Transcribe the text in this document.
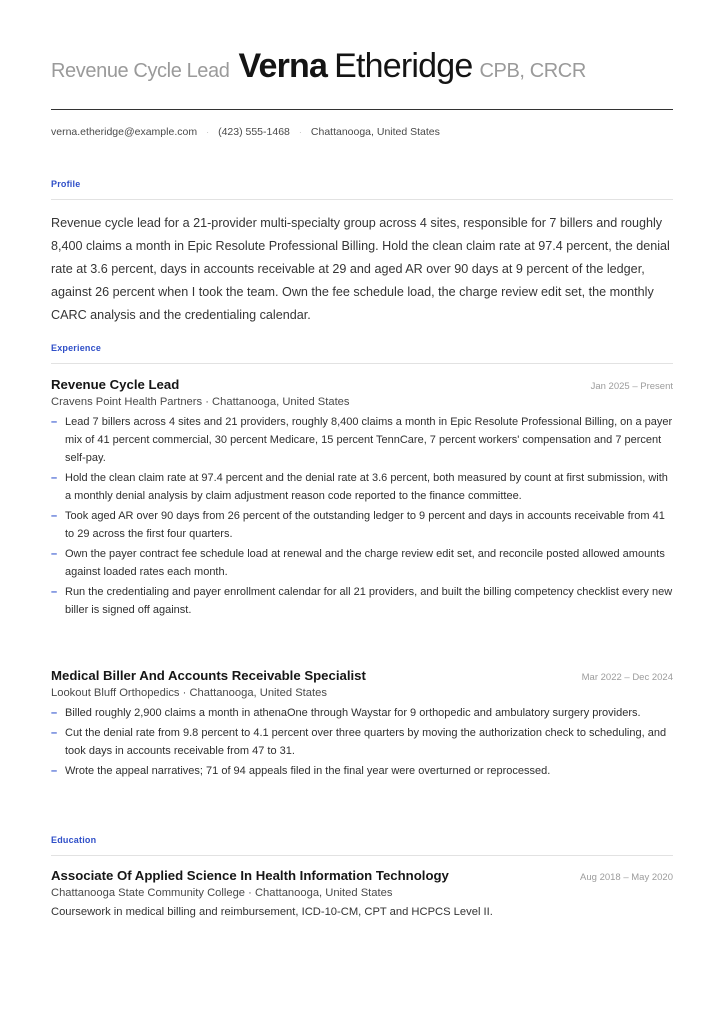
Revenue Cycle Lead Verna Etheridge CPB, CRCR
verna.etheridge@example.com · (423) 555-1468 · Chattanooga, United States
Profile
Revenue cycle lead for a 21-provider multi-specialty group across 4 sites, responsible for 7 billers and roughly 8,400 claims a month in Epic Resolute Professional Billing. Hold the clean claim rate at 97.4 percent, the denial rate at 3.6 percent, days in accounts receivable at 29 and aged AR over 90 days at 9 percent of the ledger, against 26 percent when I took the team. Own the fee schedule load, the charge review edit set, the monthly CARC analysis and the credentialing calendar.
Experience
Revenue Cycle Lead	Jan 2025 – Present
Cravens Point Health Partners · Chattanooga, United States
– Lead 7 billers across 4 sites and 21 providers, roughly 8,400 claims a month in Epic Resolute Professional Billing, on a payer mix of 41 percent commercial, 30 percent Medicare, 15 percent TennCare, 7 percent workers' compensation and 7 percent self-pay.
– Hold the clean claim rate at 97.4 percent and the denial rate at 3.6 percent, both measured by count at first submission, with a monthly denial analysis by claim adjustment reason code reported to the finance committee.
– Took aged AR over 90 days from 26 percent of the outstanding ledger to 9 percent and days in accounts receivable from 41 to 29 across the first four quarters.
– Own the payer contract fee schedule load at renewal and the charge review edit set, and reconcile posted allowed amounts against loaded rates each month.
– Run the credentialing and payer enrollment calendar for all 21 providers, and built the billing competency checklist every new biller is signed off against.
Medical Biller And Accounts Receivable Specialist	Mar 2022 – Dec 2024
Lookout Bluff Orthopedics · Chattanooga, United States
– Billed roughly 2,900 claims a month in athenaOne through Waystar for 9 orthopedic and ambulatory surgery providers.
– Cut the denial rate from 9.8 percent to 4.1 percent over three quarters by moving the authorization check to scheduling, and took days in accounts receivable from 47 to 31.
– Wrote the appeal narratives; 71 of 94 appeals filed in the final year were overturned or reprocessed.
Education
Associate Of Applied Science In Health Information Technology	Aug 2018 – May 2020
Chattanooga State Community College · Chattanooga, United States
Coursework in medical billing and reimbursement, ICD-10-CM, CPT and HCPCS Level II.
